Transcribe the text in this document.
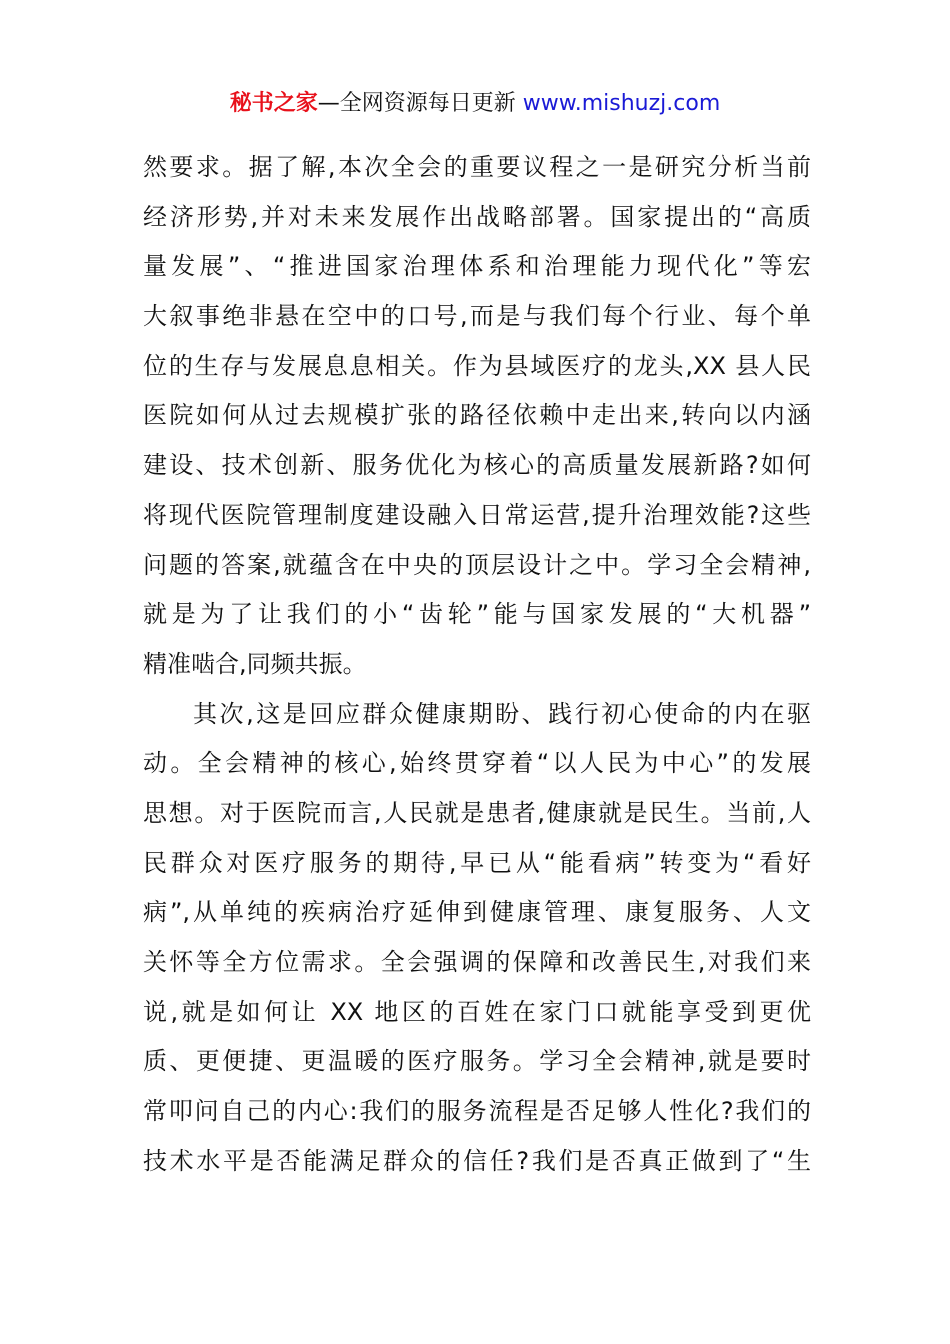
秘书之家—全网资源每日更新 www.mishuzj.com
然要求。据了解,本次全会的重要议程之一是研究分析当前
经济形势,并对未来发展作出战略部署。国家提出的“高质
量发展”、“推进国家治理体系和治理能力现代化”等宏
大叙事绝非悬在空中的口号,而是与我们每个行业、每个单
位的生存与发展息息相关。作为县域医疗的龙头,XX 县人民
医院如何从过去规模扩张的路径依赖中走出来,转向以内涵
建设、技术创新、服务优化为核心的高质量发展新路?如何
将现代医院管理制度建设融入日常运营,提升治理效能?这些
问题的答案,就蕴含在中央的顶层设计之中。学习全会精神,
就是为了让我们的小“齿轮”能与国家发展的“大机器”
精准啮合,同频共振。
其次,这是回应群众健康期盼、践行初心使命的内在驱
动。全会精神的核心,始终贯穿着“以人民为中心”的发展
思想。对于医院而言,人民就是患者,健康就是民生。当前,人
民群众对医疗服务的期待,早已从“能看病”转变为“看好
病”,从单纯的疾病治疗延伸到健康管理、康复服务、人文
关怀等全方位需求。全会强调的保障和改善民生,对我们来
说,就是如何让 XX 地区的百姓在家门口就能享受到更优
质、更便捷、更温暖的医疗服务。学习全会精神,就是要时
常叩问自己的内心:我们的服务流程是否足够人性化?我们的
技术水平是否能满足群众的信任?我们是否真正做到了“生
